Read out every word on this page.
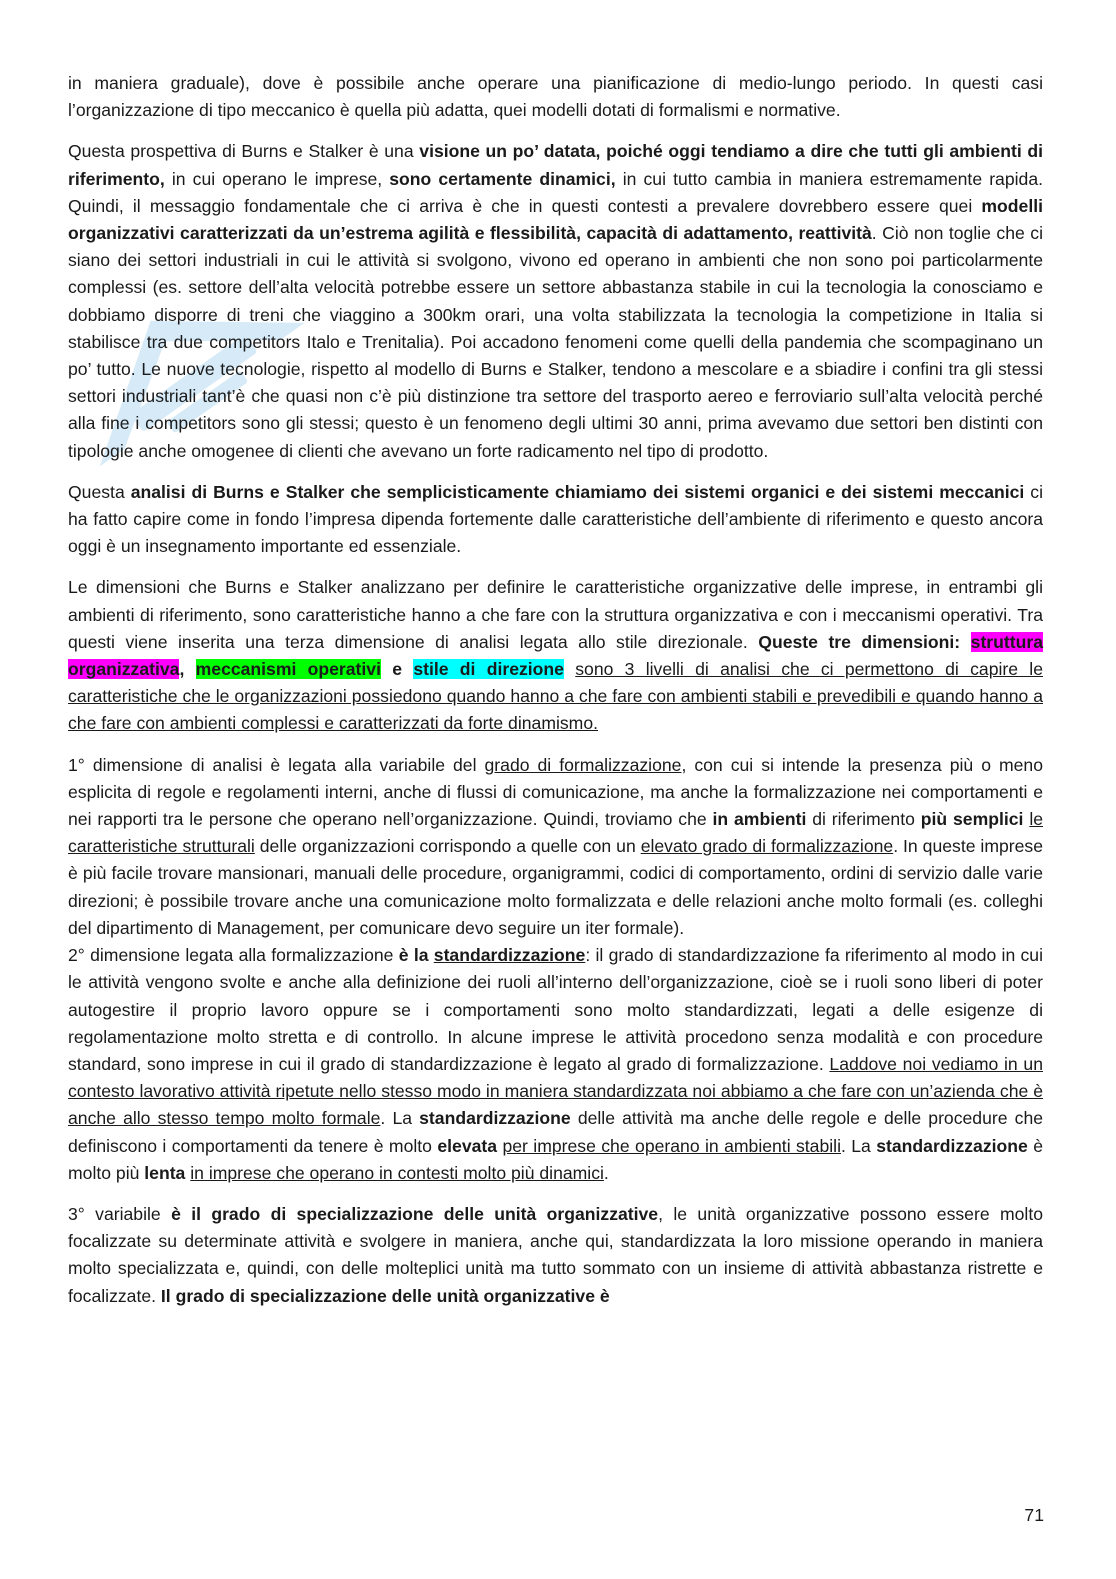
in maniera graduale), dove è possibile anche operare una pianificazione di medio-lungo periodo. In questi casi l’organizzazione di tipo meccanico è quella più adatta, quei modelli dotati di formalismi e normative.

Questa prospettiva di Burns e Stalker è una visione un po’ datata, poiché oggi tendiamo a dire che tutti gli ambienti di riferimento, in cui operano le imprese, sono certamente dinamici, in cui tutto cambia in maniera estremamente rapida. Quindi, il messaggio fondamentale che ci arriva è che in questi contesti a prevalere dovrebbero essere quei modelli organizzativi caratterizzati da un’estrema agilità e flessibilità, capacità di adattamento, reattività. Ciò non toglie che ci siano dei settori industriali in cui le attività si svolgono, vivono ed operano in ambienti che non sono poi particolarmente complessi (es. settore dell’alta velocità potrebbe essere un settore abbastanza stabile in cui la tecnologia la conosciamo e dobbiamo disporre di treni che viaggino a 300km orari, una volta stabilizzata la tecnologia la competizione in Italia si stabilisce tra due competitors Italo e Trenitalia). Poi accadono fenomeni come quelli della pandemia che scompaginano un po’ tutto. Le nuove tecnologie, rispetto al modello di Burns e Stalker, tendono a mescolare e a sbiadire i confini tra gli stessi settori industriali tant’è che quasi non c’è più distinzione tra settore del trasporto aereo e ferroviario sull’alta velocità perché alla fine i competitors sono gli stessi; questo è un fenomeno degli ultimi 30 anni, prima avevamo due settori ben distinti con tipologie anche omogenee di clienti che avevano un forte radicamento nel tipo di prodotto.

Questa analisi di Burns e Stalker che semplicisticamente chiamiamo dei sistemi organici e dei sistemi meccanici ci ha fatto capire come in fondo l’impresa dipenda fortemente dalle caratteristiche dell’ambiente di riferimento e questo ancora oggi è un insegnamento importante ed essenziale.

Le dimensioni che Burns e Stalker analizzano per definire le caratteristiche organizzative delle imprese, in entrambi gli ambienti di riferimento, sono caratteristiche hanno a che fare con la struttura organizzativa e con i meccanismi operativi. Tra questi viene inserita una terza dimensione di analisi legata allo stile direzionale. Queste tre dimensioni: struttura organizzativa, meccanismi operativi e stile di direzione sono 3 livelli di analisi che ci permettono di capire le caratteristiche che le organizzazioni possiedono quando hanno a che fare con ambienti stabili e prevedibili e quando hanno a che fare con ambienti complessi e caratterizzati da forte dinamismo.

1° dimensione di analisi è legata alla variabile del grado di formalizzazione, con cui si intende la presenza più o meno esplicita di regole e regolamenti interni, anche di flussi di comunicazione, ma anche la formalizzazione nei comportamenti e nei rapporti tra le persone che operano nell’organizzazione. Quindi, troviamo che in ambienti di riferimento più semplici le caratteristiche strutturali delle organizzazioni corrispondo a quelle con un elevato grado di formalizzazione. In queste imprese è più facile trovare mansionari, manuali delle procedure, organigrammi, codici di comportamento, ordini di servizio dalle varie direzioni; è possibile trovare anche una comunicazione molto formalizzata e delle relazioni anche molto formali (es. colleghi del dipartimento di Management, per comunicare devo seguire un iter formale).

2° dimensione legata alla formalizzazione è la standardizzazione: il grado di standardizzazione fa riferimento al modo in cui le attività vengono svolte e anche alla definizione dei ruoli all’interno dell’organizzazione, cioè se i ruoli sono liberi di poter autogestire il proprio lavoro oppure se i comportamenti sono molto standardizzati, legati a delle esigenze di regolamentazione molto stretta e di controllo. In alcune imprese le attività procedono senza modalità e con procedure standard, sono imprese in cui il grado di standardizzazione è legato al grado di formalizzazione. Laddove noi vediamo in un contesto lavorativo attività ripetute nello stesso modo in maniera standardizzata noi abbiamo a che fare con un’azienda che è anche allo stesso tempo molto formale. La standardizzazione delle attività ma anche delle regole e delle procedure che definiscono i comportamenti da tenere è molto elevata per imprese che operano in ambienti stabili. La standardizzazione è molto più lenta in imprese che operano in contesti molto più dinamici.

3° variabile è il grado di specializzazione delle unità organizzative, le unità organizzative possono essere molto focalizzate su determinate attività e svolgere in maniera, anche qui, standardizzata la loro missione operando in maniera molto specializzata e, quindi, con delle molteplici unità ma tutto sommato con un insieme di attività abbastanza ristrette e focalizzate. Il grado di specializzazione delle unità organizzative è

71
